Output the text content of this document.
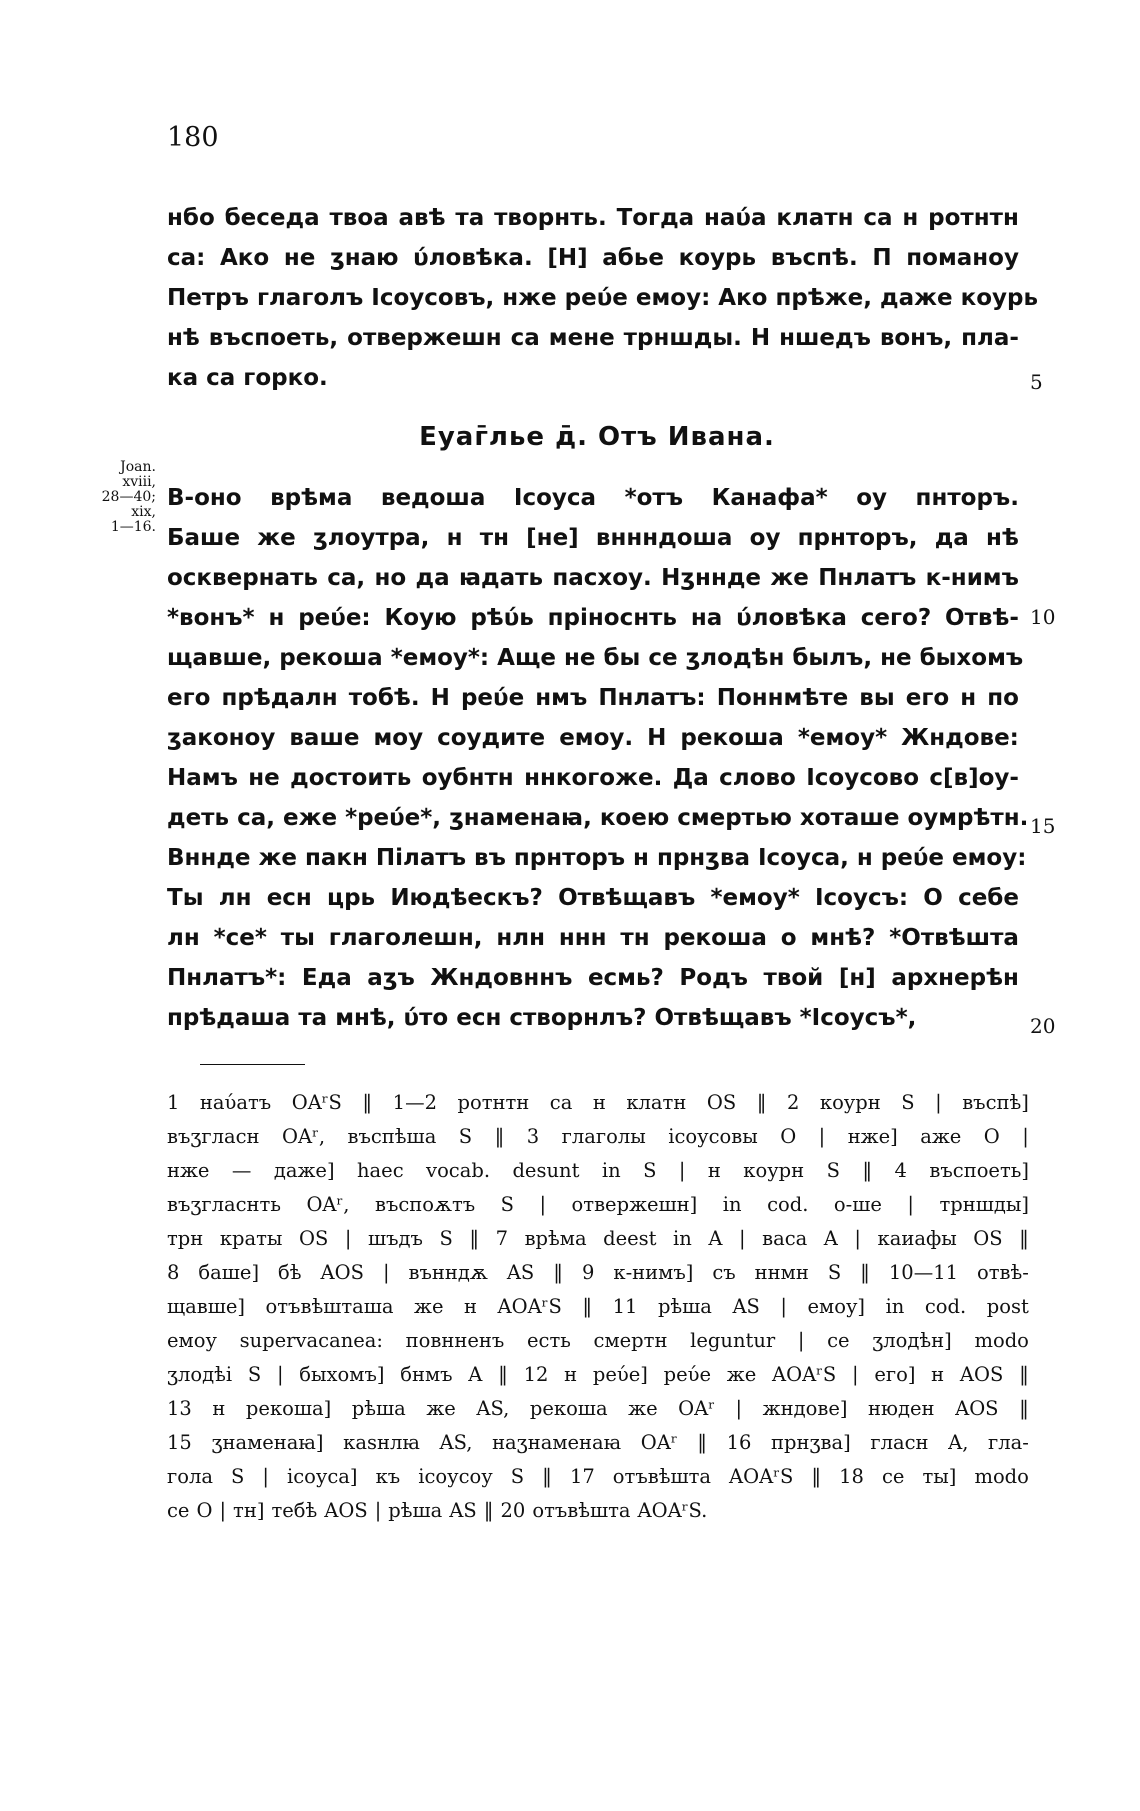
180
нбо беседа твоа авѣ та творнть. Тогда наύа клатн са н ротнтн
са: Ако не ʒнаю ύловѣка. [Н] абье коурь въспѣ. П поманоу
Петръ глаголъ Ісоусовъ, нже реύе емоу: Ако прѣже, даже коурь
нѣ въспоеть, отвержешн са мене трншды. Н ншедъ вонъ, пла-
ка са горко.	5
Еуаг̄лье д̄. Отъ Ивана.
Joan.
xviii,
28—40;
xix,
1—16.
В-оно врѣма ведоша Ісоуса *отъ Канафа* оу пнторъ.
Баше же ʒлоутра, н тн [не] вннндоша оу прнторъ, да нѣ
осквернать са, но да ꙗдать пасхоу. Нʒннде же Пнлатъ к-нимъ
*вонъ* н реύе: Коую рѣύь пріноснть на ύловѣка сего? Отвѣ-
щавше, рекоша *емоу*: Аще не бы се ʒлодѣн былъ, не быхомъ
его прѣдалн тобѣ. Н реύе нмъ Пнлатъ: Поннмѣте вы его н по
ʒаконоу ваше моу соудите емоу. Н рекоша *емоу* Жндове:
Намъ не достоить оубнтн ннкогоже. Да слово Ісоусово с[в]оу-
деть са, еже *реύе*, ʒнаменаꙗ, коею смертью хоташе оумрѣтн.
Вннде же пакн Пілатъ въ прнторъ н прнʒва Ісоуса, н реύе емоу:
Ты лн есн црь Июдѣескъ? Отвѣщавъ *емоу* Ісоусъ: О себе
лн *се* ты глаголешн, нлн ннн тн рекоша о мнѣ? *Отвѣшта
Пнлатъ*: Еда аʒъ Жндовннъ есмь? Родъ твой [н] архнерѣн
прѣдаша та мнѣ, ύто есн створнлъ? Отвѣщавъ *Ісоусъ*,
10
15
20
1 наύатъ OAʳS ‖ 1—2 ротнтн са н клатн OS ‖ 2 коурн S | въспѣ]
въʒгласн OAʳ, въспѣша S ‖ 3 глаголы ісоусовы O | нже] аже O |
нже — даже] haec vocab. desunt in S | н коурн S ‖ 4 въспоеть]
въʒгласнть OAʳ, въспоѫтъ S | отвержешн] in cod. о-ше | трншды]
трн краты OS | шъдъ S ‖ 7 врѣма deest in A | васа A | каиафы OS ‖
8 баше] бѣ AOS | вънндѫ AS ‖ 9 к-нимъ] съ ннмн S ‖ 10—11 отвѣ-
щавше] отъвѣшташа же н AOAʳS ‖ 11 рѣша AS | емоу] in cod. post
емоу supervacanea: повнненъ есть смертн leguntur | се ʒлодѣн] modo
ʒлодѣі S | быхомъ] бнмъ A ‖ 12 н реύе] реύе же AOAʳS | его] н AOS ‖
13 н рекоша] рѣша же AS, рекоша же OAʳ | жндове] нюден AOS ‖
15 ʒнаменаꙗ] каѕнлꙗ AS, наʒнаменаꙗ OAʳ ‖ 16 прнʒва] гласн A, гла-
гола S | ісоуса] къ ісоусоу S ‖ 17 отъвѣшта AOAʳS ‖ 18 се ты] modo
се O | тн] тебѣ AOS | рѣша AS ‖ 20 отъвѣшта AOAʳS.
